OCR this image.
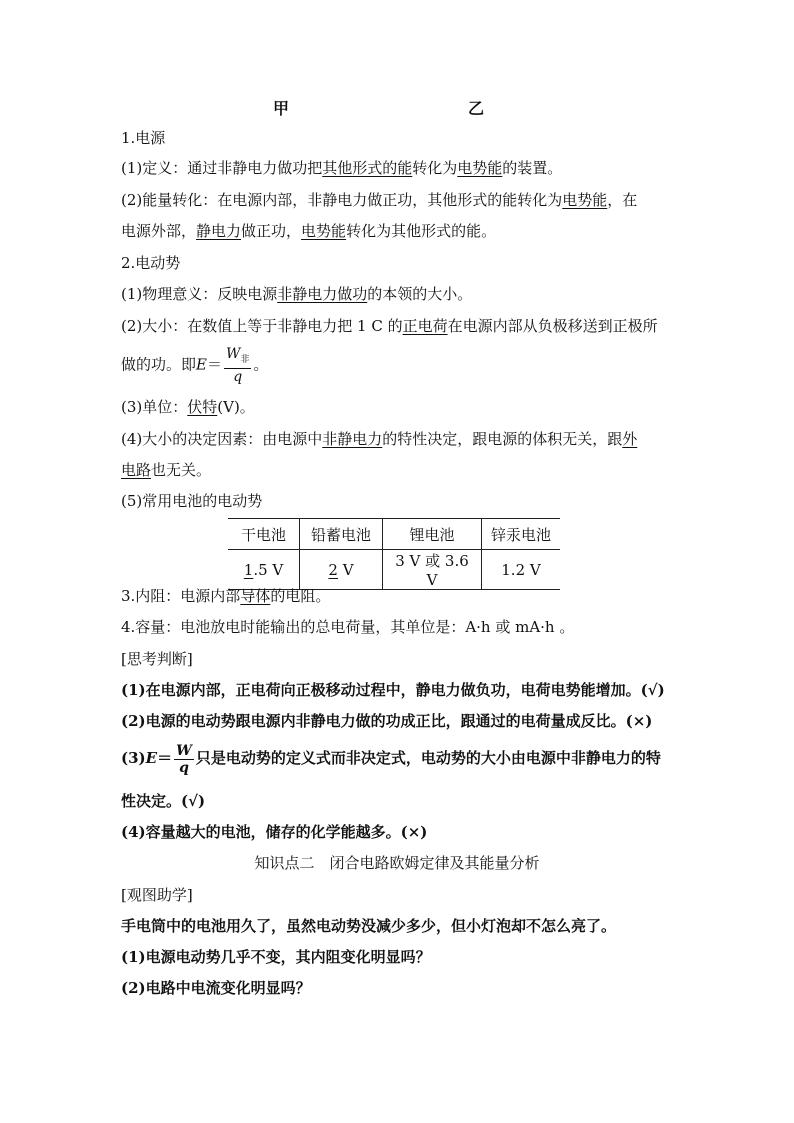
甲	乙
1.电源
(1)定义：通过非静电力做功把其他形式的能转化为电势能的装置。
(2)能量转化：在电源内部，非静电力做正功，其他形式的能转化为电势能，在
电源外部，静电力做正功，电势能转化为其他形式的能。
2.电动势
(1)物理意义：反映电源非静电力做功的本领的大小。
(2)大小：在数值上等于非静电力把 1 C 的正电荷在电源内部从负极移送到正极所
做的功。即$E= \frac{W_非}{q}$ 。
(3)单位：伏特(V)。
(4)大小的决定因素：由电源中非静电力的特性决定，跟电源的体积无关，跟外
电路也无关。
(5)常用电池的电动势
干电池	铅蓄电池	锂电池	锌汞电池
1.5 V	2 V	3 V 或 3.6 V	1.2 V
3.内阻：电源内部导体的电阻。
4.容量：电池放电时能输出的总电荷量，其单位是：A·h 或 mA·h 。
[思考判断]
(1)在电源内部，正电荷向正极移动过程中，静电力做负功，电荷电势能增加。(√)
(2)电源的电动势跟电源内非静电力做的功成正比，跟通过的电荷量成反比。(×)
$(3)E= \frac{W}{q}$ 只是电动势的定义式而非决定式，电动势的大小由电源中非静电力的特
性决定。(√)
(4)容量越大的电池，储存的化学能越多。(×)
知识点二　闭合电路欧姆定律及其能量分析
[观图助学]
手电筒中的电池用久了，虽然电动势没减少多少，但小灯泡却不怎么亮了。
(1)电源电动势几乎不变，其内阻变化明显吗？
(2)电路中电流变化明显吗？
